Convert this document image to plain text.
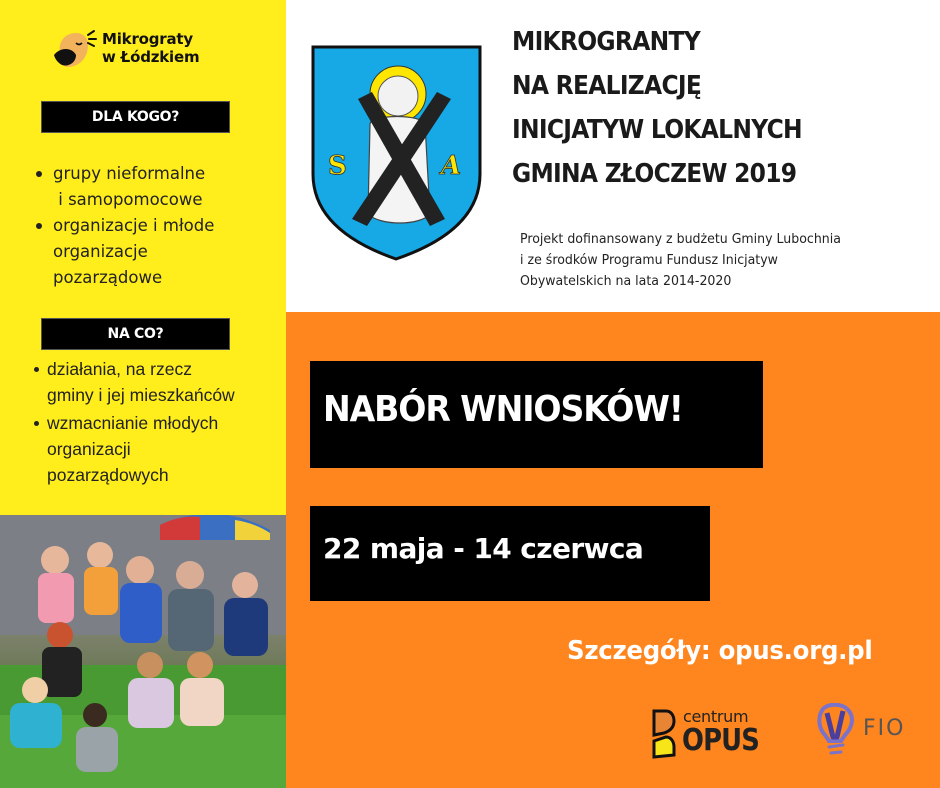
Mikrograty
w Łódzkiem
DLA KOGO?
grupy nieformalne
i samopomocowe
organizacje i młode
organizacje
pozarządowe
NA CO?
działania, na rzecz
gminy i jej mieszkańców
wzmacnianie młodych
organizacji
pozarządowych
S	A
MIKROGRANTY
NA REALIZACJĘ
INICJATYW LOKALNYCH
GMINA ZŁOCZEW 2019
Projekt dofinansowany z budżetu Gminy Lubochnia
i ze środków Programu Fundusz Inicjatyw
Obywatelskich na lata 2014-2020
NABÓR WNIOSKÓW!
22 maja - 14 czerwca
Szczegóły: opus.org.pl
centrum
OPUS	FIO
